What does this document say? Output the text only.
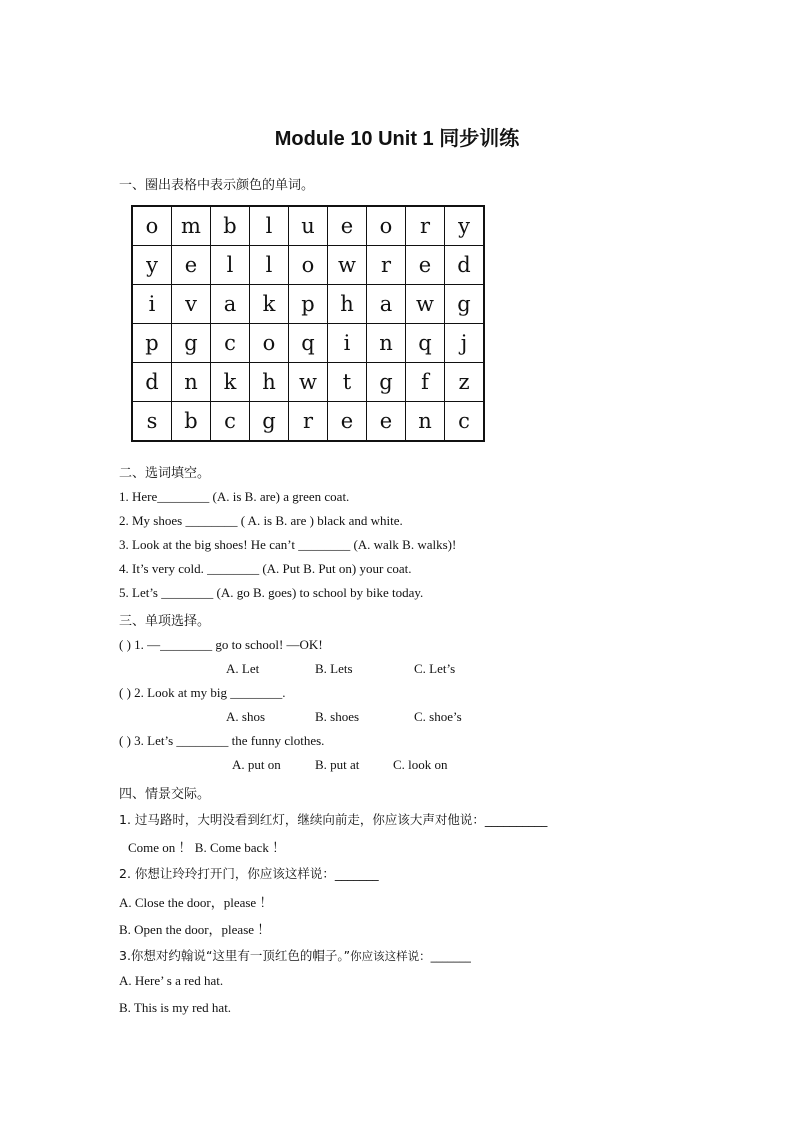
Module 10 Unit 1 同步训练
一、圈出表格中表示颜色的单词。
o	m	b	l	u	e	o	r	y
y	e	l	l	o	w	r	e	d
i	v	a	k	p	h	a	w	g
p	g	c	o	q	i	n	q	j
d	n	k	h	w	t	g	f	z
s	b	c	g	r	e	e	n	c
二、选词填空。
1. Here________ (A. is B. are) a green coat.
2. My shoes ________ ( A. is B. are ) black and white.
3. Look at the big shoes! He can’t ________ (A. walk B. walks)!
4. It’s very cold. ________ (A. Put B. Put on) your coat.
5. Let’s ________ (A. go B. goes) to school by bike today.
三、单项选择。
( ) 1. —________ go to school! —OK!
A. Let	B. Lets	C. Let’s
( ) 2. Look at my big ________.
A. shos	B. shoes	C. shoe’s
( ) 3. Let’s ________ the funny clothes.
A. put on	B. put at	C. look on
四、情景交际。
1. 过马路时，大明没看到红灯，继续向前走，你应该大声对他说：__________
Come on ！ B. Come back ！
2. 你想让玲玲打开门，你应该这样说：_______
A. Close the door，please ！
B. Open the door，please ！
3.你想对约翰说“这里有一顶红色的帽子。”你应该这样说：_______
A. Here’ s a red hat.
B. This is my red hat.
